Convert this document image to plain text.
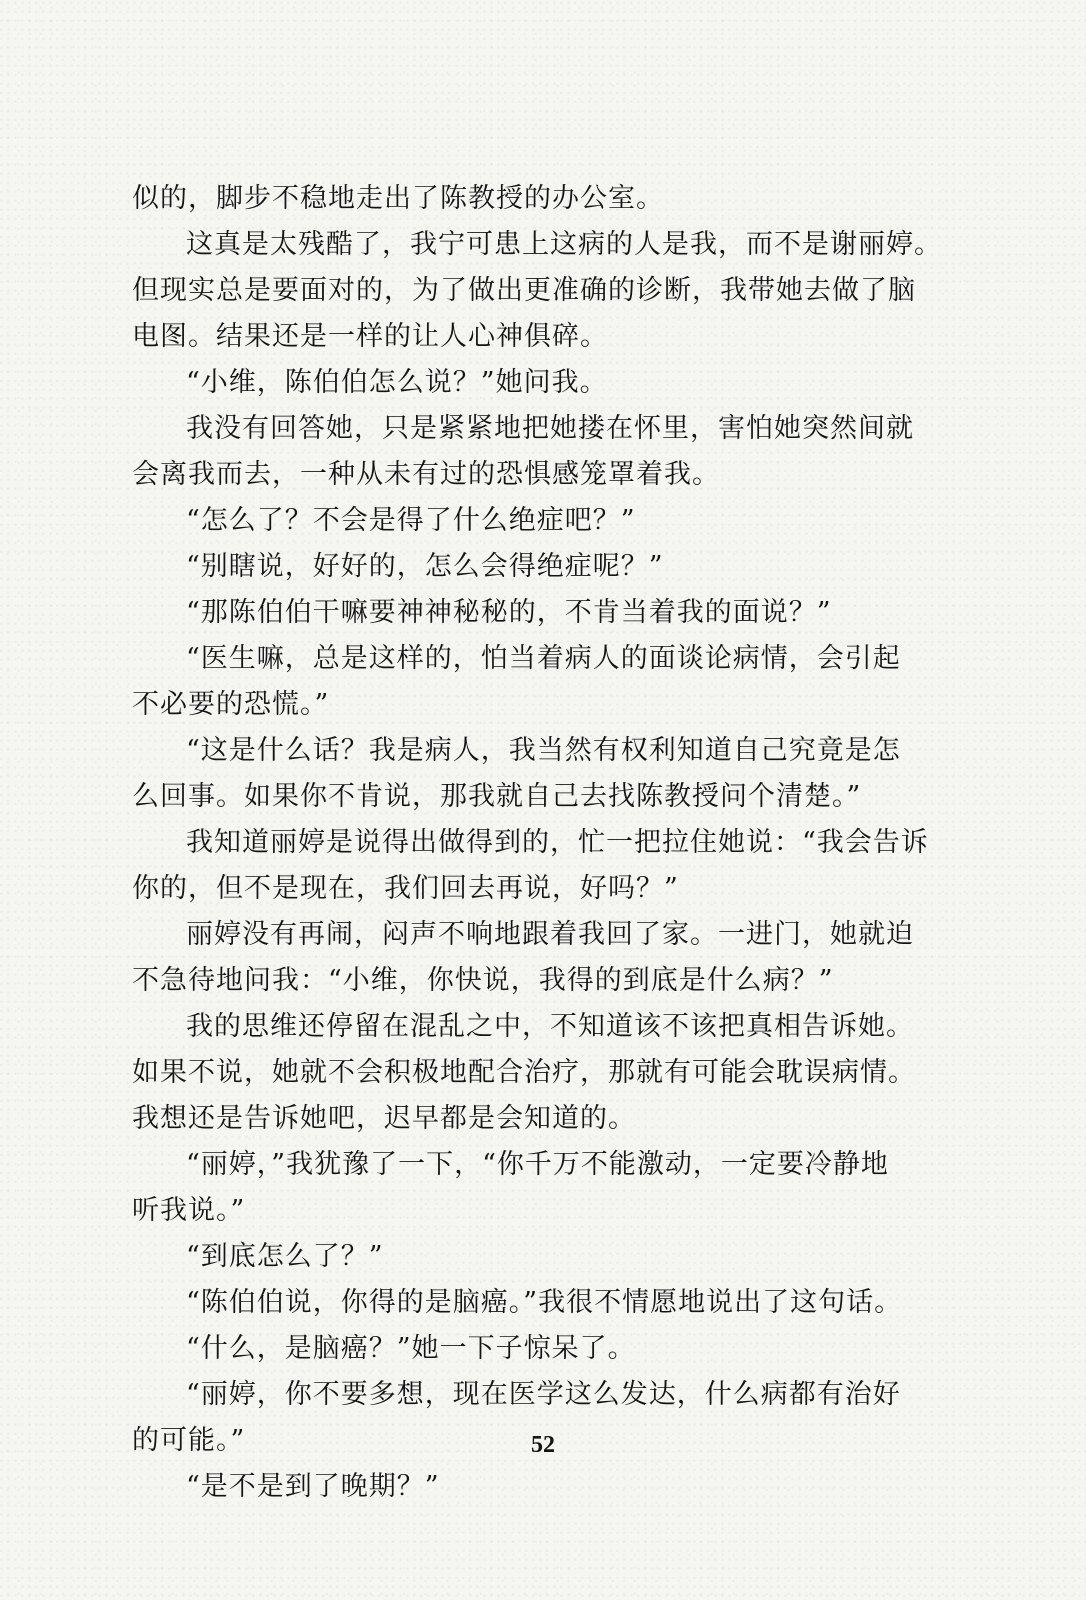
似的，脚步不稳地走出了陈教授的办公室。
这真是太残酷了，我宁可患上这病的人是我，而不是谢丽婷。
但现实总是要面对的，为了做出更准确的诊断，我带她去做了脑
电图。结果还是一样的让人心神俱碎。
“小维，陈伯伯怎么说？”她问我。
我没有回答她，只是紧紧地把她搂在怀里，害怕她突然间就
会离我而去，一种从未有过的恐惧感笼罩着我。
“怎么了？不会是得了什么绝症吧？”
“别瞎说，好好的，怎么会得绝症呢？”
“那陈伯伯干嘛要神神秘秘的，不肯当着我的面说？”
“医生嘛，总是这样的，怕当着病人的面谈论病情，会引起
不必要的恐慌。”
“这是什么话？我是病人，我当然有权利知道自己究竟是怎
么回事。如果你不肯说，那我就自己去找陈教授问个清楚。”
我知道丽婷是说得出做得到的，忙一把拉住她说：“我会告诉
你的，但不是现在，我们回去再说，好吗？”
丽婷没有再闹，闷声不响地跟着我回了家。一进门，她就迫
不急待地问我：“小维，你快说，我得的到底是什么病？”
我的思维还停留在混乱之中，不知道该不该把真相告诉她。
如果不说，她就不会积极地配合治疗，那就有可能会耽误病情。
我想还是告诉她吧，迟早都是会知道的。
“丽婷，”我犹豫了一下，“你千万不能激动，一定要冷静地
听我说。”
“到底怎么了？”
“陈伯伯说，你得的是脑癌。”我很不情愿地说出了这句话。
“什么，是脑癌？”她一下子惊呆了。
“丽婷，你不要多想，现在医学这么发达，什么病都有治好
的可能。”
“是不是到了晚期？”
52
